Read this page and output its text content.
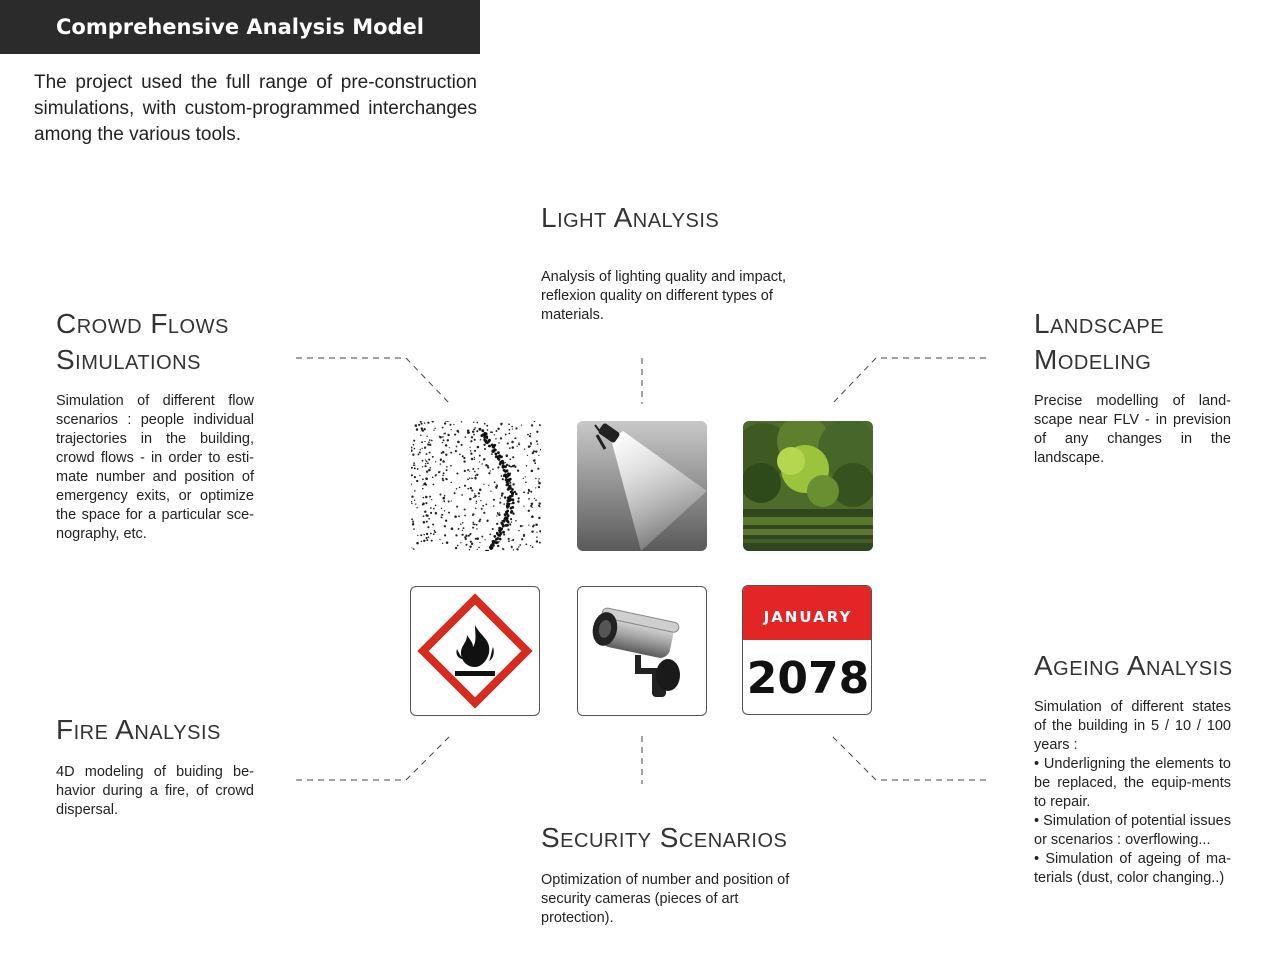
Comprehensive Analysis Model

The project used the full range of pre-construction simulations, with custom-programmed interchanges among the various tools.

Light Analysis

Analysis of lighting quality and impact, reflexion quality on different types of materials.

Crowd Flows
Simulations

Simulation of different flow scenarios : people individual trajectories in the building, crowd flows - in order to esti-mate number and position of emergency exits, or optimize the space for a particular sce-nography, etc.

Landscape
Modeling

Precise modelling of land-scape near FLV - in prevision of any changes in the landscape.

Fire Analysis

4D modeling of buiding be-havior during a fire, of crowd dispersal.

Security Scenarios

Optimization of number and position of security cameras (pieces of art protection).

Ageing Analysis

Simulation of different states of the building in 5 / 10 / 100 years :
• Underligning the elements to be replaced, the equip-ments to repair.
• Simulation of potential issues or scenarios : overflowing...
• Simulation of ageing of ma-terials (dust, color changing..)

JANUARY
2078
